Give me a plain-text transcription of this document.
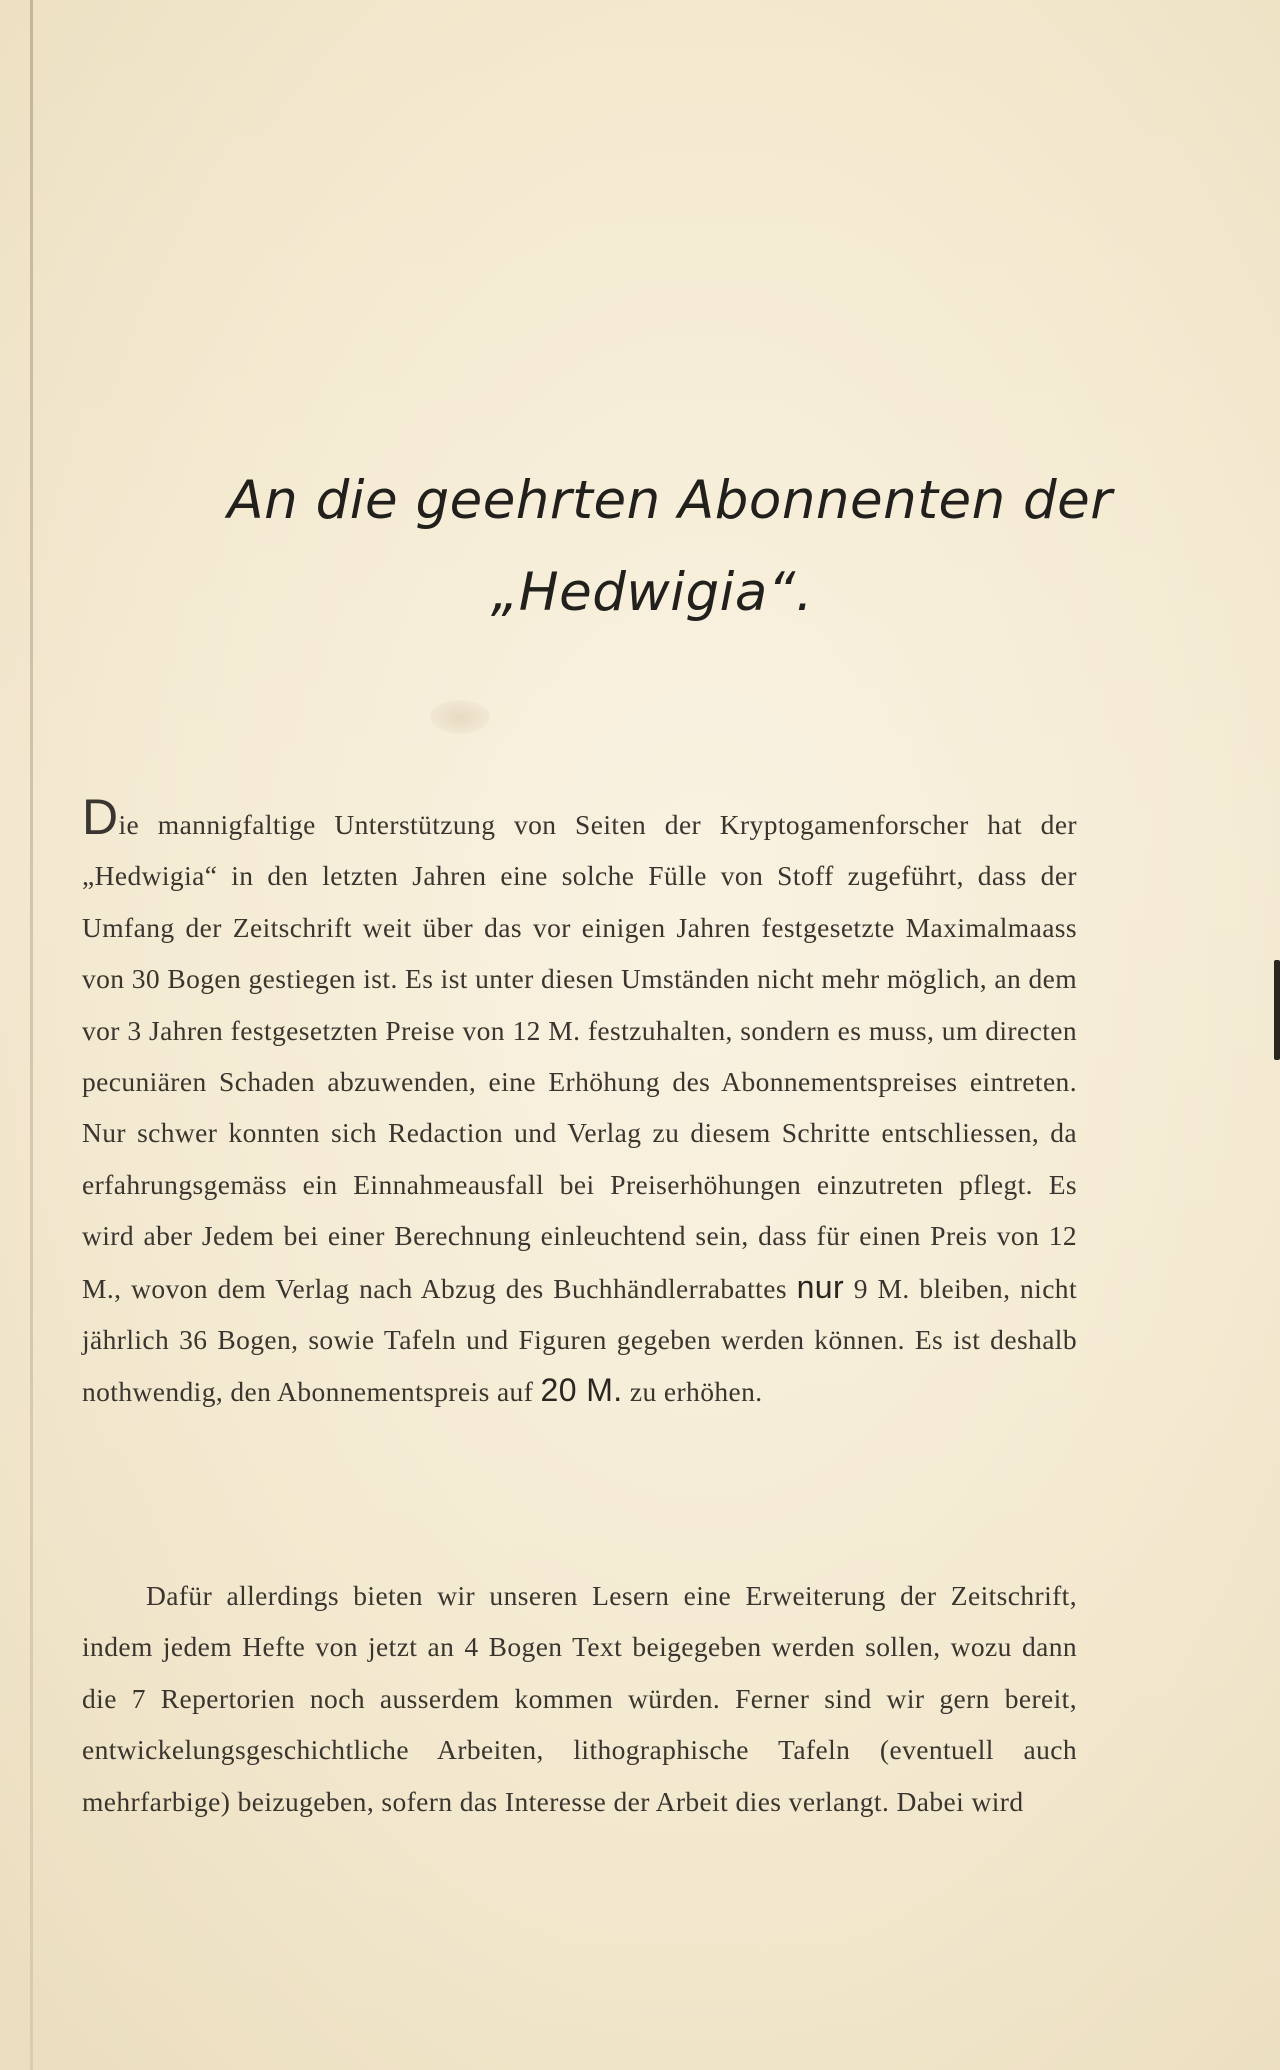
An die geehrten Abonnenten der
„Hedwigia“.
Die mannigfaltige Unterstützung von Seiten der Kryptogamenforscher hat der „Hedwigia“ in den letzten Jahren eine solche Fülle von Stoff zugeführt, dass der Umfang der Zeitschrift weit über das vor einigen Jahren festgesetzte Maximalmaass von 30 Bogen gestiegen ist. Es ist unter diesen Umständen nicht mehr möglich, an dem vor 3 Jahren festgesetzten Preise von 12 M. festzuhalten, sondern es muss, um directen pecuniären Schaden abzuwenden, eine Erhöhung des Abonnementspreises eintreten. Nur schwer konnten sich Redaction und Verlag zu diesem Schritte entschliessen, da erfahrungsgemäss ein Einnahmeausfall bei Preiserhöhungen einzutreten pflegt. Es wird aber Jedem bei einer Berechnung einleuchtend sein, dass für einen Preis von 12 M., wovon dem Verlag nach Abzug des Buchhändlerrabattes nur 9 M. bleiben, nicht jährlich 36 Bogen, sowie Tafeln und Figuren gegeben werden können. Es ist deshalb nothwendig, den Abonnementspreis auf 20 M. zu erhöhen.
Dafür allerdings bieten wir unseren Lesern eine Erweiterung der Zeitschrift, indem jedem Hefte von jetzt an 4 Bogen Text beigegeben werden sollen, wozu dann die 7 Repertorien noch ausserdem kommen würden. Ferner sind wir gern bereit, entwickelungsgeschichtliche Arbeiten, lithographische Tafeln (eventuell auch mehrfarbige) beizugeben, sofern das Interesse der Arbeit dies verlangt. Dabei wird
